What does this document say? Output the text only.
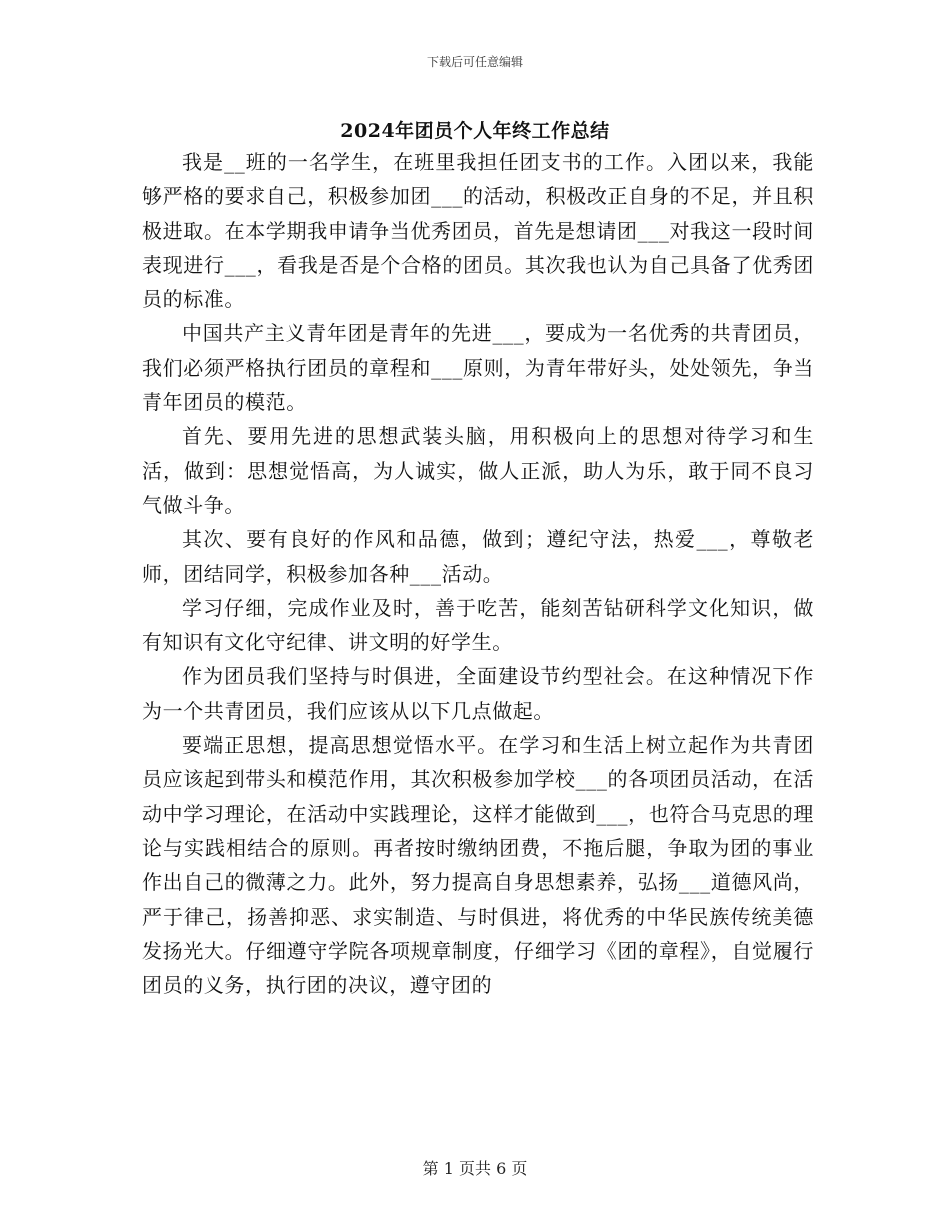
下载后可任意编辑
2024年团员个人年终工作总结

我是__班的一名学生，在班里我担任团支书的工作。入团以来，我能够严格的要求自己，积极参加团___的活动，积极改正自身的不足，并且积极进取。在本学期我申请争当优秀团员，首先是想请团___对我这一段时间表现进行___，看我是否是个合格的团员。其次我也认为自己具备了优秀团员的标准。

中国共产主义青年团是青年的先进___，要成为一名优秀的共青团员，我们必须严格执行团员的章程和___原则，为青年带好头，处处领先，争当青年团员的模范。

首先、要用先进的思想武装头脑，用积极向上的思想对待学习和生活，做到：思想觉悟高，为人诚实，做人正派，助人为乐，敢于同不良习气做斗争。

其次、要有良好的作风和品德，做到；遵纪守法，热爱___，尊敬老师，团结同学，积极参加各种___活动。

学习仔细，完成作业及时，善于吃苦，能刻苦钻研科学文化知识，做有知识有文化守纪律、讲文明的好学生。

作为团员我们坚持与时俱进，全面建设节约型社会。在这种情况下作为一个共青团员，我们应该从以下几点做起。

要端正思想，提高思想觉悟水平。在学习和生活上树立起作为共青团员应该起到带头和模范作用，其次积极参加学校___的各项团员活动，在活动中学习理论，在活动中实践理论，这样才能做到___，也符合马克思的理论与实践相结合的原则。再者按时缴纳团费，不拖后腿，争取为团的事业作出自己的微薄之力。此外，努力提高自身思想素养，弘扬___道德风尚，严于律己，扬善抑恶、求实制造、与时俱进，将优秀的中华民族传统美德发扬光大。仔细遵守学院各项规章制度，仔细学习《团的章程》，自觉履行团员的义务，执行团的决议，遵守团的

第 1 页共 6 页
